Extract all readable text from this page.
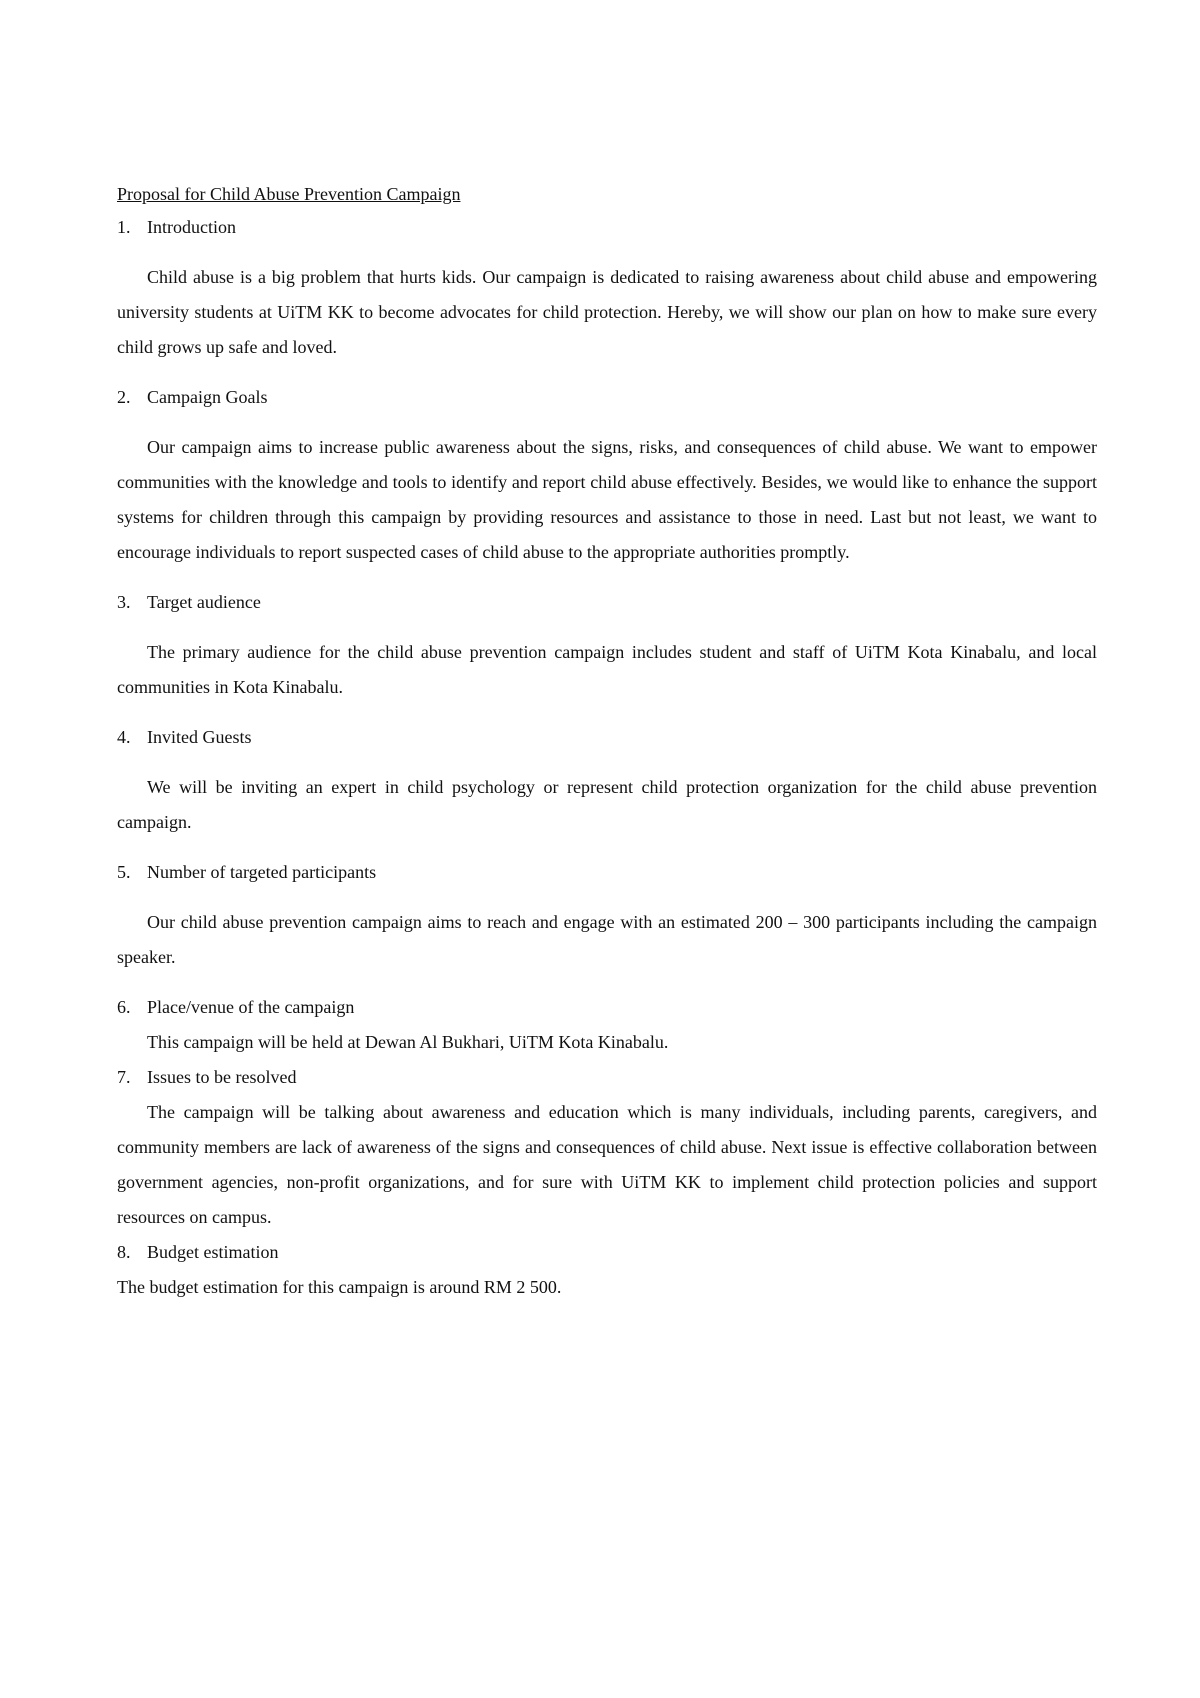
Proposal for Child Abuse Prevention Campaign

1. Introduction

Child abuse is a big problem that hurts kids. Our campaign is dedicated to raising awareness about child abuse and empowering university students at UiTM KK to become advocates for child protection. Hereby, we will show our plan on how to make sure every child grows up safe and loved.

2. Campaign Goals

Our campaign aims to increase public awareness about the signs, risks, and consequences of child abuse. We want to empower communities with the knowledge and tools to identify and report child abuse effectively. Besides, we would like to enhance the support systems for children through this campaign by providing resources and assistance to those in need. Last but not least, we want to encourage individuals to report suspected cases of child abuse to the appropriate authorities promptly.

3. Target audience

The primary audience for the child abuse prevention campaign includes student and staff of UiTM Kota Kinabalu, and local communities in Kota Kinabalu.

4. Invited Guests

We will be inviting an expert in child psychology or represent child protection organization for the child abuse prevention campaign.

5. Number of targeted participants

Our child abuse prevention campaign aims to reach and engage with an estimated 200 – 300 participants including the campaign speaker.

6. Place/venue of the campaign

This campaign will be held at Dewan Al Bukhari, UiTM Kota Kinabalu.

7. Issues to be resolved

The campaign will be talking about awareness and education which is many individuals, including parents, caregivers, and community members are lack of awareness of the signs and consequences of child abuse. Next issue is effective collaboration between government agencies, non-profit organizations, and for sure with UiTM KK to implement child protection policies and support resources on campus.

8. Budget estimation

The budget estimation for this campaign is around RM 2 500.
